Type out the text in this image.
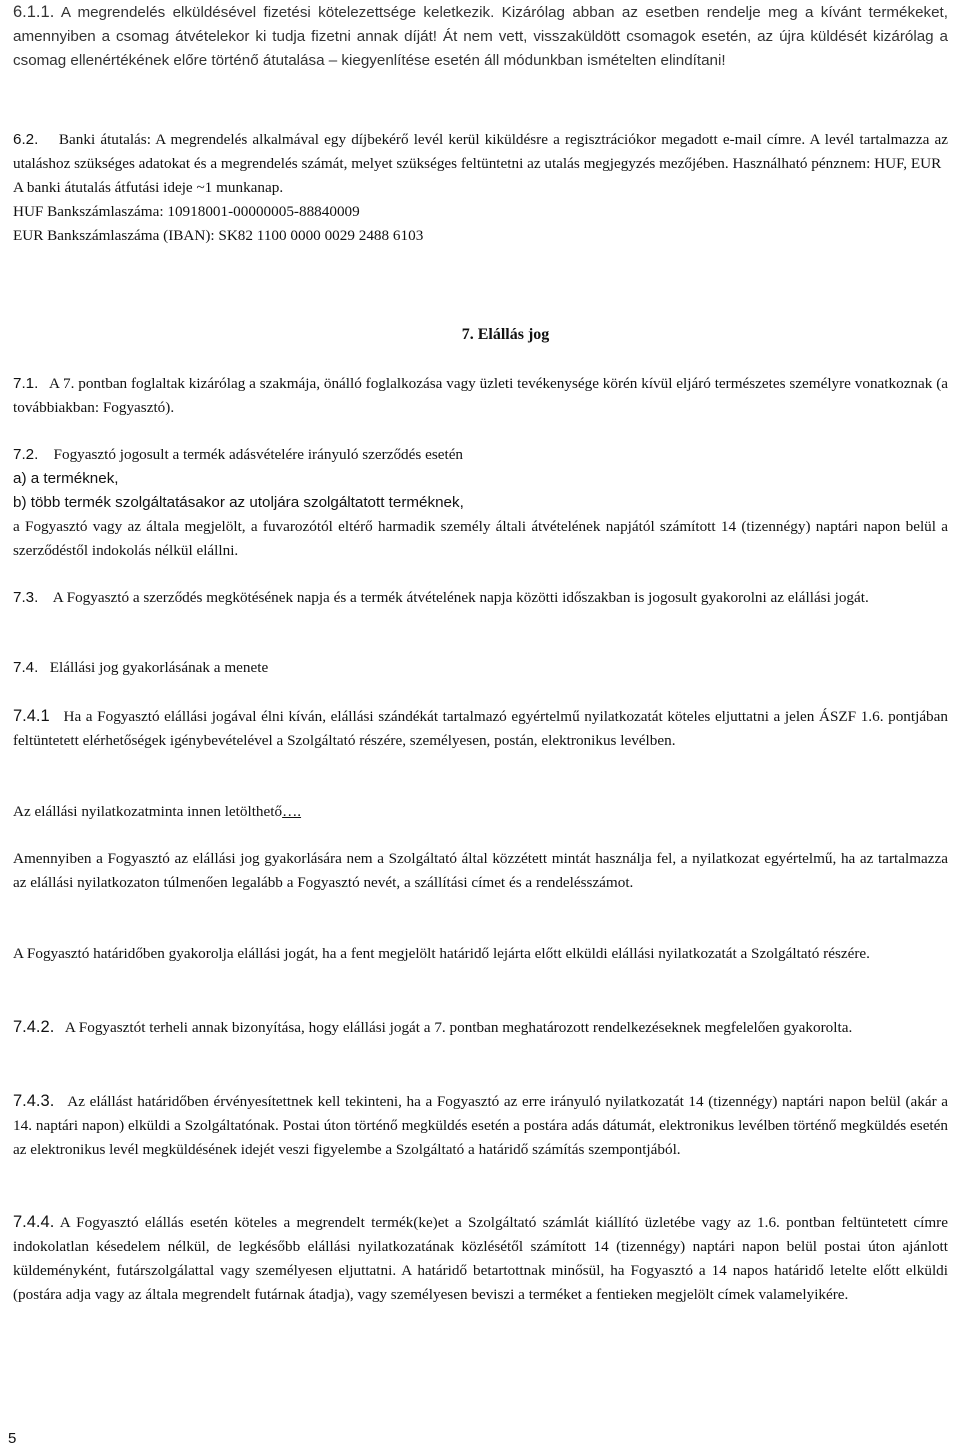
6.1.1. A megrendelés elküldésével fizetési kötelezettsége keletkezik. Kizárólag abban az esetben rendelje meg a kívánt termékeket, amennyiben a csomag átvételekor ki tudja fizetni annak díját! Át nem vett, visszaküldött csomagok esetén, az újra küldését kizárólag a csomag ellenértékének előre történő átutalása – kiegyenlítése esetén áll módunkban ismételten elindítani!

6.2. Banki átutalás: A megrendelés alkalmával egy díjbekérő levél kerül kiküldésre a regisztrációkor megadott e-mail címre. A levél tartalmazza az utaláshoz szükséges adatokat és a megrendelés számát, melyet szükséges feltüntetni az utalás megjegyzés mezőjében. Használható pénznem: HUF, EUR

A banki átutalás átfutási ideje ~1 munkanap.

HUF Bankszámlaszáma: 10918001-00000005-88840009

EUR Bankszámlaszáma (IBAN): SK82 1100 0000 0029 2488 6103

7. Elállás jog

7.1. A 7. pontban foglaltak kizárólag a szakmája, önálló foglalkozása vagy üzleti tevékenysége körén kívül eljáró természetes személyre vonatkoznak (a továbbiakban: Fogyasztó).

7.2. Fogyasztó jogosult a termék adásvételére irányuló szerződés esetén

a) a terméknek,

b) több termék szolgáltatásakor az utoljára szolgáltatott terméknek,

a Fogyasztó vagy az általa megjelölt, a fuvarozótól eltérő harmadik személy általi átvételének napjától számított 14 (tizennégy) naptári napon belül a szerződéstől indokolás nélkül elállni.

7.3. A Fogyasztó a szerződés megkötésének napja és a termék átvételének napja közötti időszakban is jogosult gyakorolni az elállási jogát.

7.4. Elállási jog gyakorlásának a menete

7.4.1 Ha a Fogyasztó elállási jogával élni kíván, elállási szándékát tartalmazó egyértelmű nyilatkozatát köteles eljuttatni a jelen ÁSZF 1.6. pontjában feltüntetett elérhetőségek igénybevételével a Szolgáltató részére, személyesen, postán, elektronikus levélben.

Az elállási nyilatkozatminta innen letölthető….

Amennyiben a Fogyasztó az elállási jog gyakorlására nem a Szolgáltató által közzétett mintát használja fel, a nyilatkozat egyértelmű, ha az tartalmazza az elállási nyilatkozaton túlmenően legalább a Fogyasztó nevét, a szállítási címet és a rendelésszámot.

A Fogyasztó határidőben gyakorolja elállási jogát, ha a fent megjelölt határidő lejárta előtt elküldi elállási nyilatkozatát a Szolgáltató részére.

7.4.2. A Fogyasztót terheli annak bizonyítása, hogy elállási jogát a 7. pontban meghatározott rendelkezéseknek megfelelően gyakorolta.

7.4.3. Az elállást határidőben érvényesítettnek kell tekinteni, ha a Fogyasztó az erre irányuló nyilatkozatát 14 (tizennégy) naptári napon belül (akár a 14. naptári napon) elküldi a Szolgáltatónak. Postai úton történő megküldés esetén a postára adás dátumát, elektronikus levélben történő megküldés esetén az elektronikus levél megküldésének idejét veszi figyelembe a Szolgáltató a határidő számítás szempontjából.

7.4.4. A Fogyasztó elállás esetén köteles a megrendelt termék(ke)et a Szolgáltató számlát kiállító üzletébe vagy az 1.6. pontban feltüntetett címre indokolatlan késedelem nélkül, de legkésőbb elállási nyilatkozatának közlésétől számított 14 (tizennégy) naptári napon belül postai úton ajánlott küldeményként, futárszolgálattal vagy személyesen eljuttatni. A határidő betartottnak minősül, ha Fogyasztó a 14 napos határidő letelte előtt elküldi (postára adja vagy az általa megrendelt futárnak átadja), vagy személyesen beviszi a terméket a fentieken megjelölt címek valamelyikére.

5
